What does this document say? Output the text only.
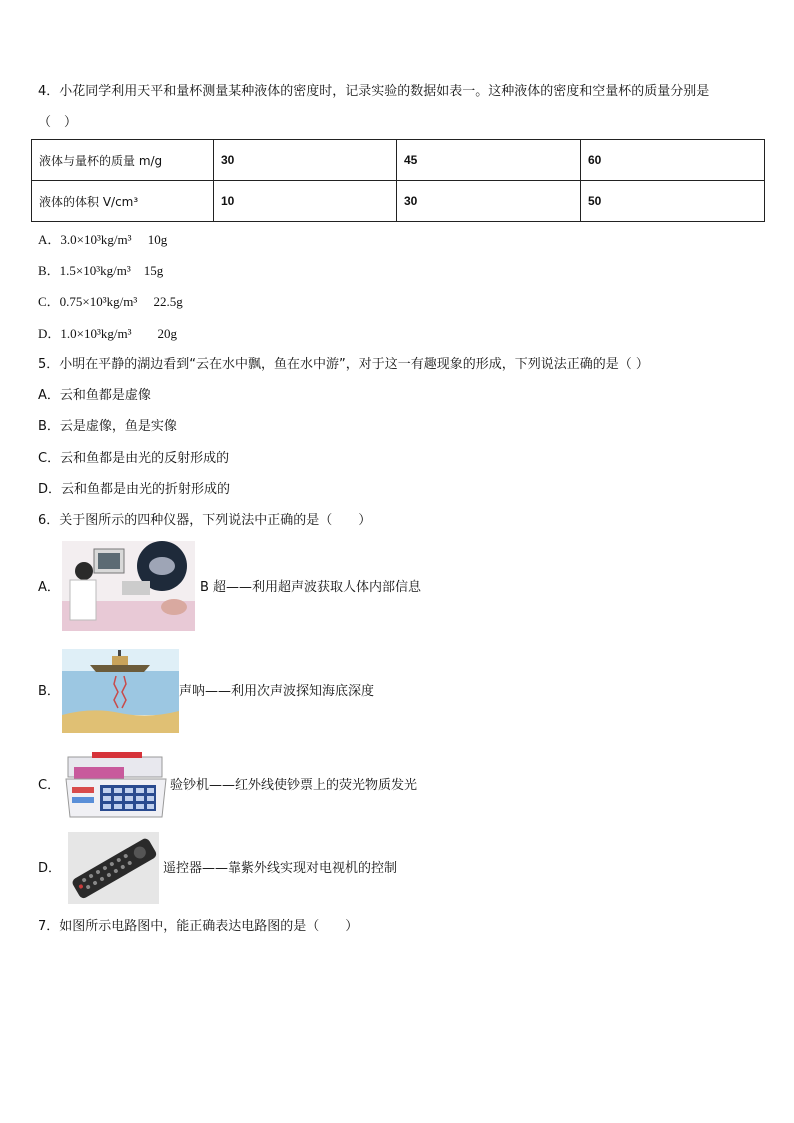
4．小花同学利用天平和量杯测量某种液体的密度时，记录实验的数据如表一。这种液体的密度和空量杯的质量分别是
（　）
液体与量杯的质量 m/g	30	45	60
液体的体积 V/cm³	10	30	50
A．3.0×10³kg/m³　 10g
B．1.5×10³kg/m³　15g
C．0.75×10³kg/m³　 22.5g
D．1.0×10³kg/m³　　20g
5．小明在平静的湖边看到“云在水中飘，鱼在水中游”，对于这一有趣现象的形成，下列说法正确的是（ ）
A．云和鱼都是虚像
B．云是虚像，鱼是实像
C．云和鱼都是由光的反射形成的
D．云和鱼都是由光的折射形成的
6．关于图所示的四种仪器，下列说法中正确的是（　　）
A．	B 超——利用超声波获取人体内部信息
B．	声呐——利用次声波探知海底深度
C．	验钞机——红外线使钞票上的荧光物质发光
D．	遥控器——靠紫外线实现对电视机的控制
7．如图所示电路图中，能正确表达电路图的是（　　）
